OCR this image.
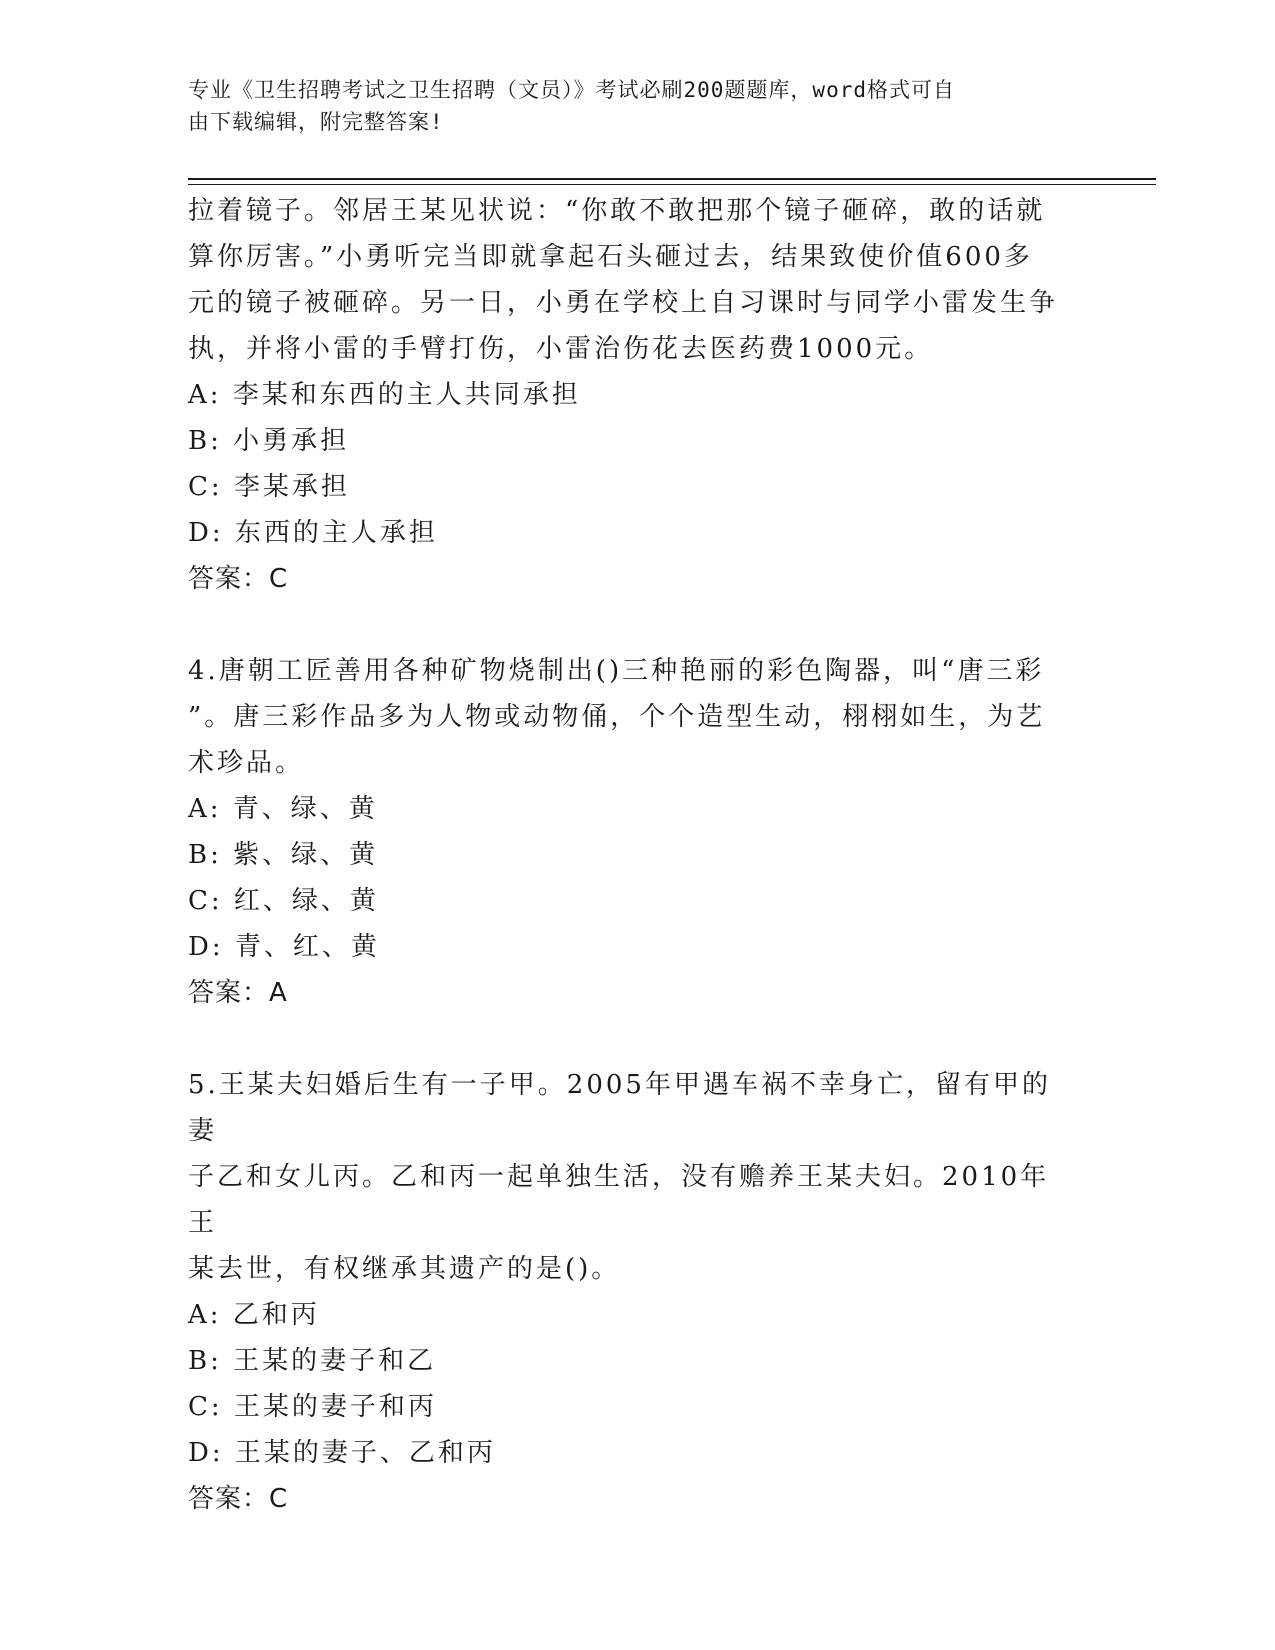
专业《卫生招聘考试之卫生招聘（文员）》考试必刷200题题库，word格式可自
由下载编辑，附完整答案!

拉着镜子。邻居王某见状说：“你敢不敢把那个镜子砸碎，敢的话就

算你厉害。”小勇听完当即就拿起石头砸过去，结果致使价值600多

元的镜子被砸碎。另一日，小勇在学校上自习课时与同学小雷发生争

执，并将小雷的手臂打伤，小雷治伤花去医药费1000元。

A: 李某和东西的主人共同承担

B: 小勇承担

C: 李某承担

D: 东西的主人承担

答案：C

4.唐朝工匠善用各种矿物烧制出()三种艳丽的彩色陶器，叫“唐三彩

”。唐三彩作品多为人物或动物俑，个个造型生动，栩栩如生，为艺

术珍品。

A: 青、绿、黄

B: 紫、绿、黄

C: 红、绿、黄

D: 青、红、黄

答案：A

5.王某夫妇婚后生有一子甲。2005年甲遇车祸不幸身亡，留有甲的妻

子乙和女儿丙。乙和丙一起单独生活，没有赡养王某夫妇。2010年王

某去世，有权继承其遗产的是()。

A: 乙和丙

B: 王某的妻子和乙

C: 王某的妻子和丙

D: 王某的妻子、乙和丙

答案：C
